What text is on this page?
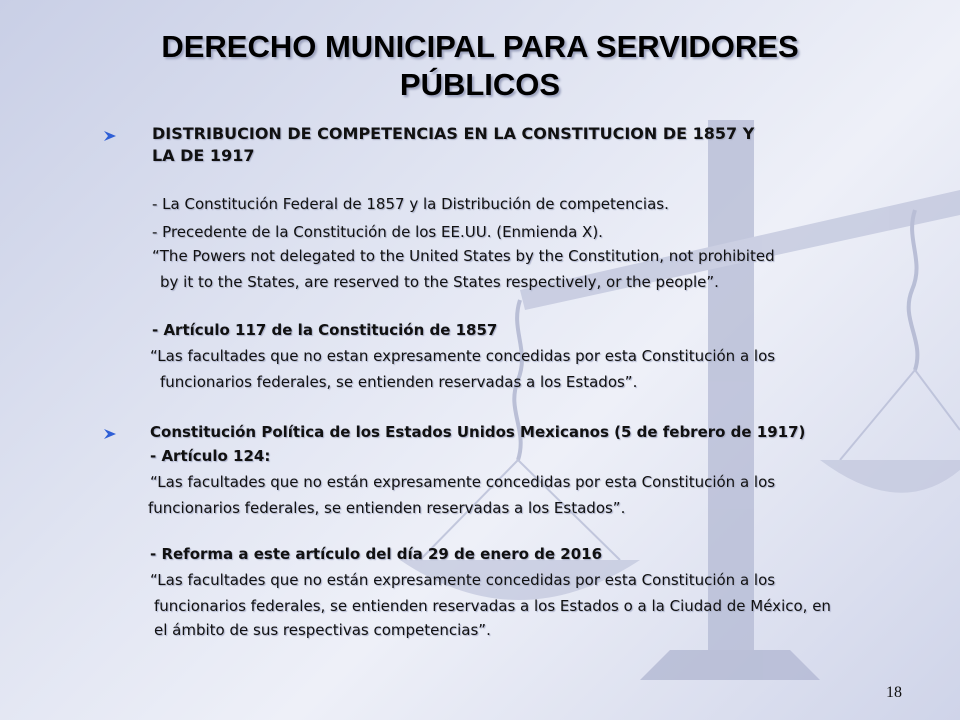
DERECHO MUNICIPAL PARA SERVIDORES
PÚBLICOS
DISTRIBUCION DE COMPETENCIAS EN LA CONSTITUCION DE 1857 Y
LA DE 1917
- La Constitución Federal de 1857 y la Distribución de competencias.
- Precedente de la Constitución de los EE.UU. (Enmienda X).
“The Powers not delegated to the United States by the Constitution, not prohibited
by it to the States, are reserved to the States respectively, or the people”.
- Artículo 117 de la Constitución de 1857
“Las facultades que no estan expresamente concedidas por esta Constitución a los
funcionarios federales, se entienden reservadas a los Estados”.
Constitución Política de los Estados Unidos Mexicanos (5 de febrero de 1917)
- Artículo 124:
“Las facultades que no están expresamente concedidas por esta Constitución a los
funcionarios federales, se entienden reservadas a los Estados”.
- Reforma a este artículo del día 29 de enero de 2016
“Las facultades que no están expresamente concedidas por esta Constitución a los
funcionarios federales, se entienden reservadas a los Estados o a la Ciudad de México, en
el ámbito de sus respectivas competencias”.
18
